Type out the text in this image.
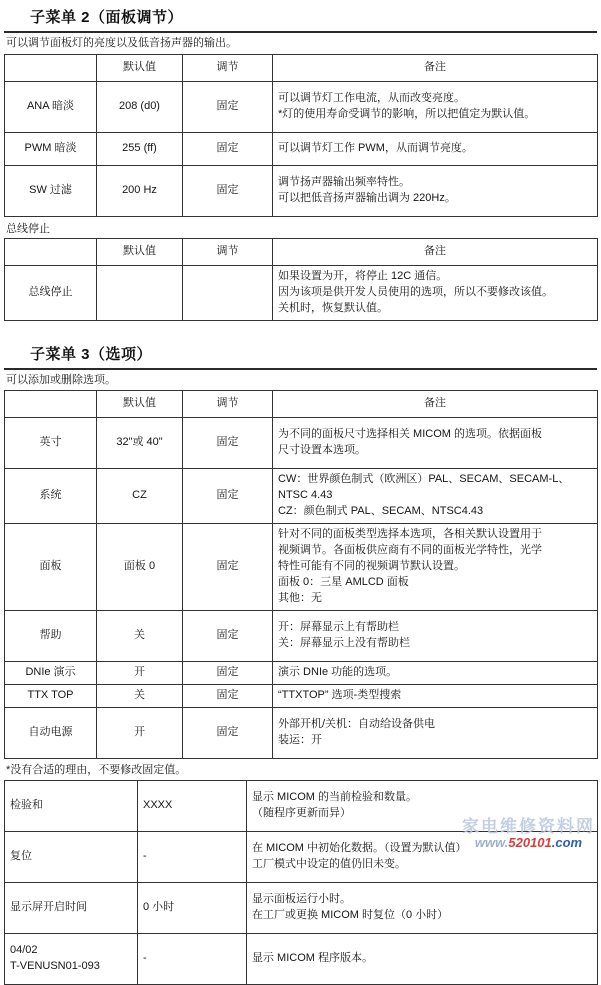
子菜单 2（面板调节）
可以调节面板灯的亮度以及低音扬声器的输出。
	默认值	调节	备注
ANA 暗淡	208 (d0)	固定	可以调节灯工作电流，从而改变亮度。
*灯的使用寿命受调节的影响，所以把值定为默认值。

PWM 暗淡	255 (ff)	固定	可以调节灯工作 PWM，从而调节亮度。

SW 过滤	200 Hz	固定	调节扬声器输出频率特性。
可以把低音扬声器输出调为 220Hz。
总线停止
	默认值	调节	备注
总线停止			如果设置为开，将停止 12C 通信。
因为该项是供开发人员使用的选项，所以不要修改该值。
关机时，恢复默认值。
子菜单 3（选项）
可以添加或删除选项。
	默认值	调节	备注
英寸	32"或 40"	固定	为不同的面板尺寸选择相关 MICOM 的选项。依据面板
尺寸设置本选项。

系统	CZ	固定	CW：世界颜色制式（欧洲区）PAL、SECAM、SECAM-L、
NTSC 4.43
CZ：颜色制式 PAL、SECAM、NTSC4.43

面板	面板 0	固定	针对不同的面板类型选择本选项，各相关默认设置用于
视频调节。各面板供应商有不同的面板光学特性，光学
特性可能有不同的视频调节默认设置。
面板 0：三星 AMLCD 面板
其他：无

帮助	关	固定	开：屏幕显示上有帮助栏
关：屏幕显示上没有帮助栏

DNIe 演示	开	固定	演示 DNIe 功能的选项。

TTX TOP	关	固定	“TTXTOP” 选项-类型搜索

自动电源	开	固定	外部开机/关机：自动给设备供电
装运：开
*没有合适的理由，不要修改固定值。
检验和	XXXX	显示 MICOM 的当前检验和数量。
（随程序更新而异）

复位	-	在 MICOM 中初始化数据。（设置为默认值）
工厂模式中设定的值仍旧未变。

显示屏开启时间	0 小时	显示面板运行小时。
在工厂或更换 MICOM 时复位（0 小时）

04/02
T-VENUSN01-093	-	显示 MICOM 程序版本。
家电维修资料网
www.520101.com
